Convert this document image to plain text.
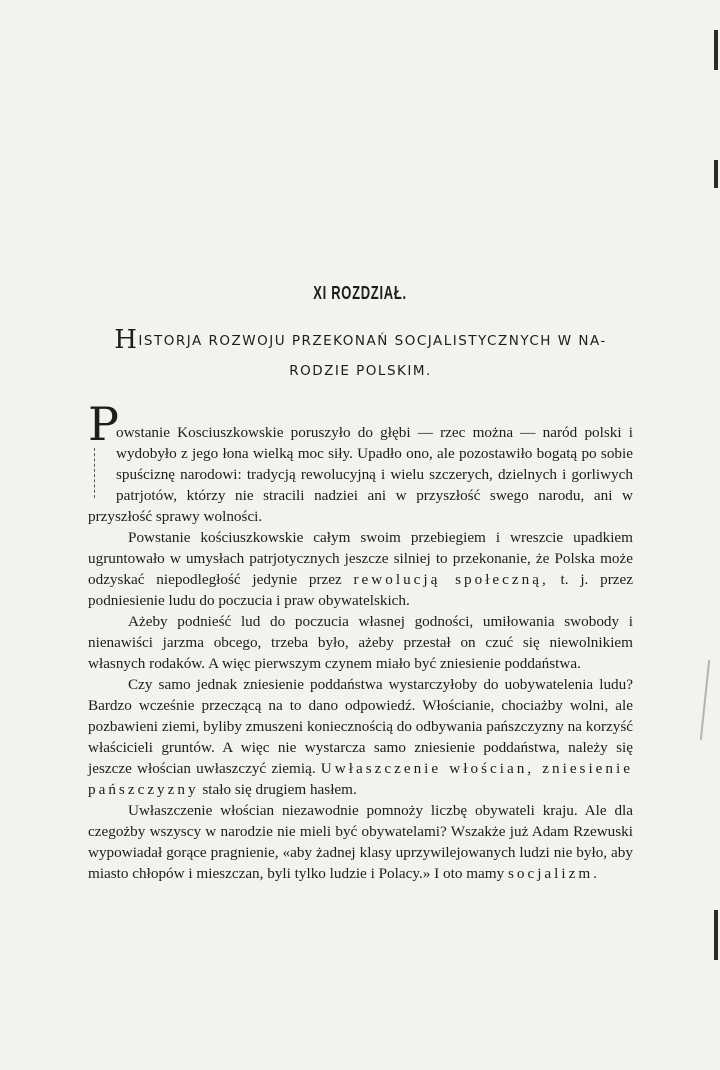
XI ROZDZIAŁ.
HISTORJA ROZWOJU PRZEKONAŃ SOCJALISTYCZNYCH W NA-
RODZIE POLSKIM.

P
owstanie Kosciuszkowskie poruszyło do głębi — rzec można — naród polski i wydobyło z jego łona wielką moc siły. Upadło ono, ale pozostawiło bogatą po sobie spuściznę narodowi: tradycją rewolucyjną i wielu szczerych, dzielnych i gorliwych patrjotów, którzy nie stracili nadziei ani w przyszłość swego narodu, ani w przyszłość sprawy wolności.

Powstanie kościuszkowskie całym swoim przebiegiem i wreszcie upadkiem ugruntowało w umysłach patrjotycznych jeszcze silniej to przekonanie, że Polska może odzyskać niepodległość jedynie przez rewolucją społeczną, t. j. przez podniesienie ludu do poczucia i praw obywatelskich.

Ażeby podnieść lud do poczucia własnej godności, umiłowania swobody i nienawiści jarzma obcego, trzeba było, ażeby przestał on czuć się niewolnikiem własnych rodaków. A więc pierwszym czynem miało być zniesienie poddaństwa.

Czy samo jednak zniesienie poddaństwa wystarczyłoby do uobywatelenia ludu? Bardzo wcześnie przeczącą na to dano odpowiedź. Włościanie, chociażby wolni, ale pozbawieni ziemi, byliby zmuszeni koniecznością do odbywania pańszczyzny na korzyść właścicieli gruntów. A więc nie wystarcza samo zniesienie poddaństwa, należy się jeszcze włościan uwłaszczyć ziemią. Uwłaszczenie włościan, zniesienie pańszczyzny stało się drugiem hasłem.

Uwłaszczenie włościan niezawodnie pomnoży liczbę obywateli kraju. Ale dla czegożby wszyscy w narodzie nie mieli być obywatelami? Wszakże już Adam Rzewuski wypowiadał gorące pragnienie, «aby żadnej klasy uprzywilejowanych ludzi nie było, aby miasto chłopów i mieszczan, byli tylko ludzie i Polacy.» I oto mamy socjalizm.
